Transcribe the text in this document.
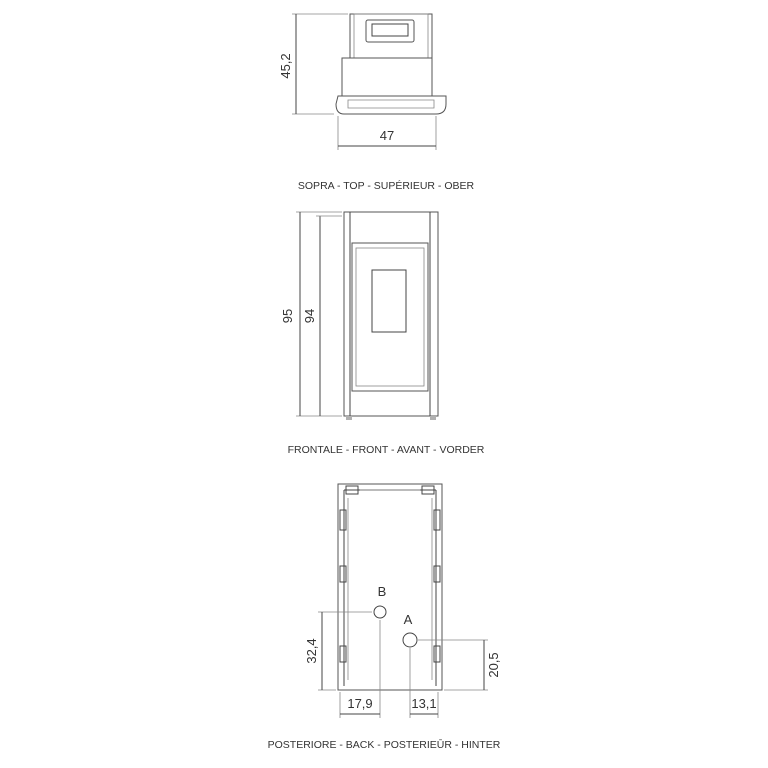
45,2
47
SOPRA - TOP - SUPÉRIEUR - OBER
95 94
FRONTALE - FRONT - AVANT - VORDER
B
A
32,4
20,5
17,9	13,1
POSTERIORE - BACK - POSTERIEŪR - HINTER
